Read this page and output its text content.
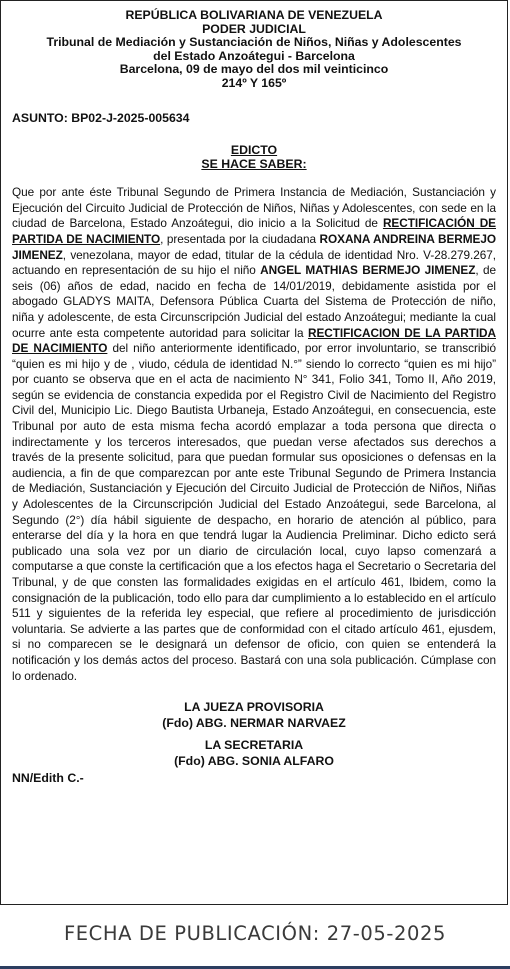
REPÚBLICA BOLIVARIANA DE VENEZUELA
PODER JUDICIAL
Tribunal de Mediación y Sustanciación de Niños, Niñas y Adolescentes
del Estado Anzoátegui - Barcelona
Barcelona, 09 de mayo del dos mil veinticinco
214º Y 165º
ASUNTO: BP02-J-2025-005634
EDICTO
SE HACE SABER:
Que por ante éste Tribunal Segundo de Primera Instancia de Mediación, Sustanciación y Ejecución del Circuito Judicial de Protección de Niños, Niñas y Adolescentes, con sede en la ciudad de Barcelona, Estado Anzoátegui, dio inicio a la Solicitud de RECTIFICACIÓN DE PARTIDA DE NACIMIENTO, presentada por la ciudadana ROXANA ANDREINA BERMEJO JIMENEZ, venezolana, mayor de edad, titular de la cédula de identidad Nro. V-28.279.267, actuando en representación de su hijo el niño ANGEL MATHIAS BERMEJO JIMENEZ, de seis (06) años de edad, nacido en fecha de 14/01/2019, debidamente asistida por el abogado GLADYS MAITA, Defensora Pública Cuarta del Sistema de Protección de niño, niña y adolescente, de esta Circunscripción Judicial del estado Anzoátegui; mediante la cual ocurre ante esta competente autoridad para solicitar la RECTIFICACION DE LA PARTIDA DE NACIMIENTO del niño anteriormente identificado, por error involuntario, se transcribió “quien es mi hijo y de , viudo, cédula de identidad N.°” siendo lo correcto “quien es mi hijo” por cuanto se observa que en el acta de nacimiento N° 341, Folio 341, Tomo II, Año 2019, según se evidencia de constancia expedida por el Registro Civil de Nacimiento del Registro Civil del, Municipio Lic. Diego Bautista Urbaneja, Estado Anzoátegui, en consecuencia, este Tribunal por auto de esta misma fecha acordó emplazar a toda persona que directa o indirectamente y los terceros interesados, que puedan verse afectados sus derechos a través de la presente solicitud, para que puedan formular sus oposiciones o defensas en la audiencia, a fin de que comparezcan por ante este Tribunal Segundo de Primera Instancia de Mediación, Sustanciación y Ejecución del Circuito Judicial de Protección de Niños, Niñas y Adolescentes de la Circunscripción Judicial del Estado Anzoátegui, sede Barcelona, al Segundo (2°) día hábil siguiente de despacho, en horario de atención al público, para enterarse del día y la hora en que tendrá lugar la Audiencia Preliminar. Dicho edicto será publicado una sola vez por un diario de circulación local, cuyo lapso comenzará a computarse a que conste la certificación que a los efectos haga el Secretario o Secretaria del Tribunal, y de que consten las formalidades exigidas en el artículo 461, Ibidem, como la consignación de la publicación, todo ello para dar cumplimiento a lo establecido en el artículo 511 y siguientes de la referida ley especial, que refiere al procedimiento de jurisdicción voluntaria. Se advierte a las partes que de conformidad con el citado artículo 461, ejusdem, si no comparecen se le designará un defensor de oficio, con quien se entenderá la notificación y los demás actos del proceso. Bastará con una sola publicación. Cúmplase con lo ordenado.
LA JUEZA PROVISORIA
(Fdo) ABG. NERMAR NARVAEZ
LA SECRETARIA
(Fdo) ABG. SONIA ALFARO
NN/Edith C.-
FECHA DE PUBLICACIÓN: 27-05-2025
